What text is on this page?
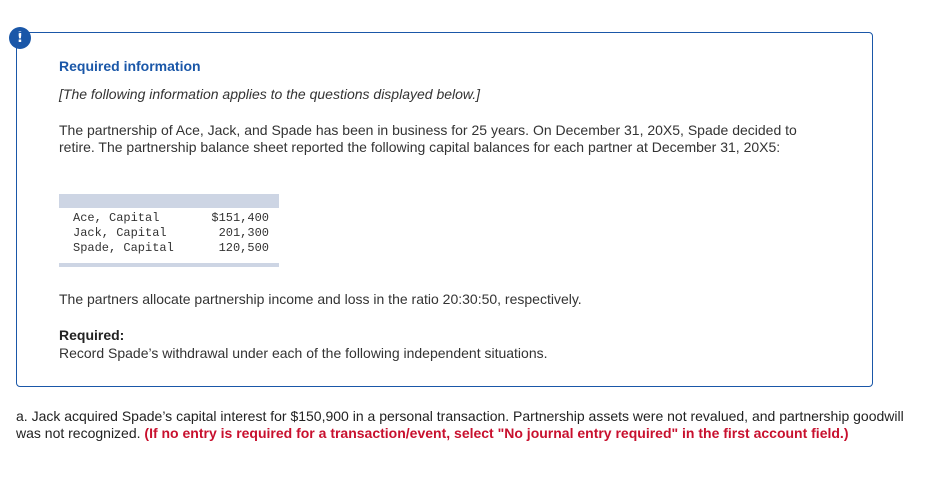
!
Required information

[The following information applies to the questions displayed below.]

The partnership of Ace, Jack, and Spade has been in business for 25 years. On December 31, 20X5, Spade decided to retire. The partnership balance sheet reported the following capital balances for each partner at December 31, 20X5:

Ace, Capital	$151,400
Jack, Capital	201,300
Spade, Capital	120,500

The partners allocate partnership income and loss in the ratio 20:30:50, respectively.

Required:

Record Spade’s withdrawal under each of the following independent situations.

a. Jack acquired Spade’s capital interest for $150,900 in a personal transaction. Partnership assets were not revalued, and partnership goodwill was not recognized. (If no entry is required for a transaction/event, select "No journal entry required" in the first account field.)
